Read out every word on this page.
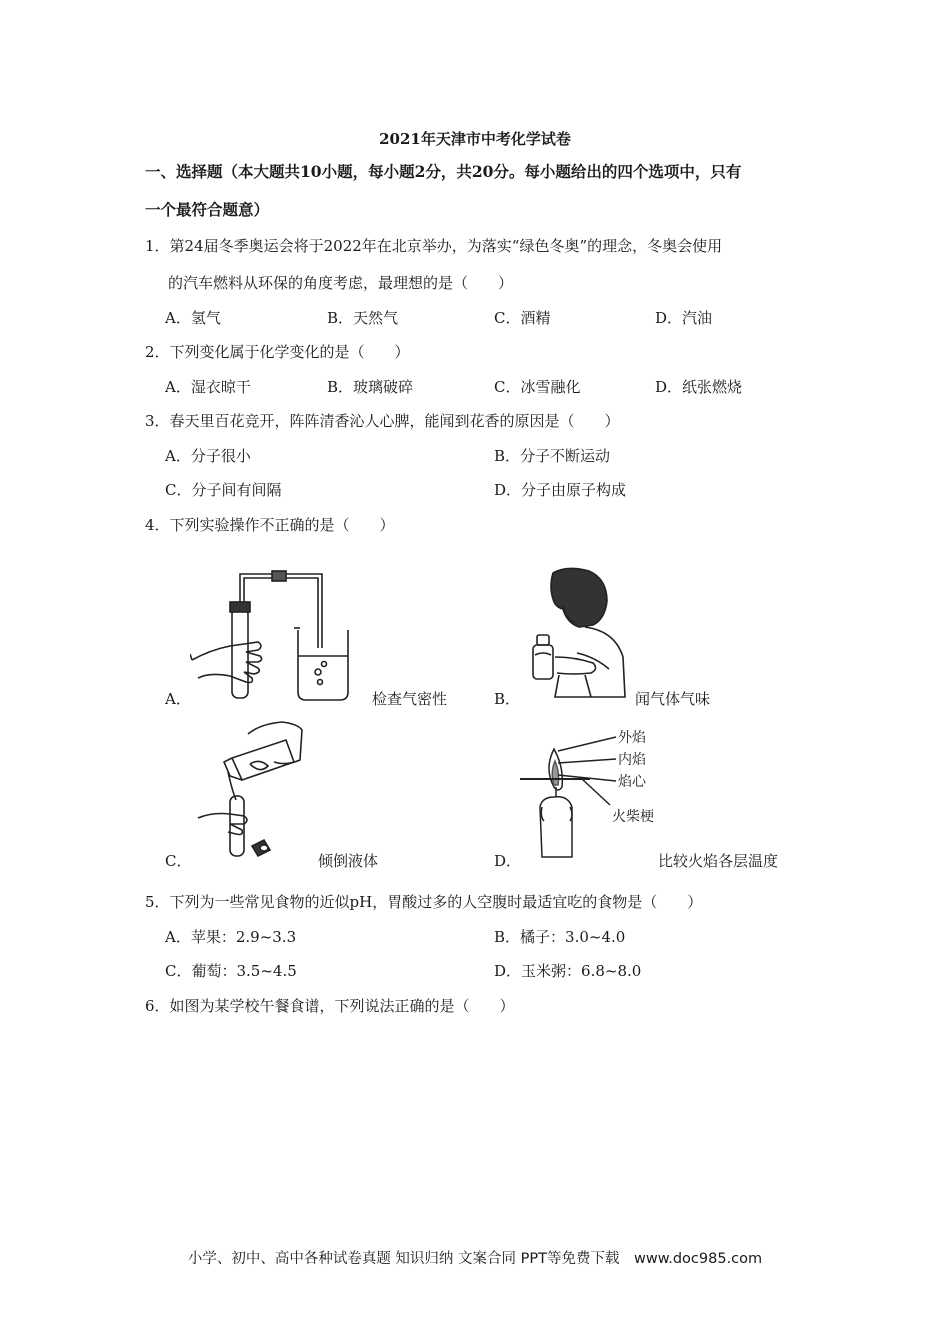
2021年天津市中考化学试卷
一、选择题（本大题共10小题，每小题2分，共20分。每小题给出的四个选项中，只有
一个最符合题意）
1．第24届冬季奥运会将于2022年在北京举办，为落实“绿色冬奥”的理念，冬奥会使用
的汽车燃料从环保的角度考虑，最理想的是（　　）
A．氢气	B．天然气	C．酒精	D．汽油
2．下列变化属于化学变化的是（　　）
A．湿衣晾干	B．玻璃破碎	C．冰雪融化	D．纸张燃烧
3．春天里百花竞开，阵阵清香沁人心脾，能闻到花香的原因是（　　）
A．分子很小	B．分子不断运动
C．分子间有间隔	D．分子由原子构成
4．下列实验操作不正确的是（　　）
A．	检查气密性	B．	闻气体气味
C．	倾倒液体
外焰
内焰
焰心
火柴梗
D．	比较火焰各层温度
5．下列为一些常见食物的近似pH，胃酸过多的人空腹时最适宜吃的食物是（　　）
A．苹果：2.9~3.3	B．橘子：3.0~4.0
C．葡萄：3.5~4.5	D．玉米粥：6.8~8.0
6．如图为某学校午餐食谱，下列说法正确的是（　　）
小学、初中、高中各种试卷真题 知识归纳 文案合同 PPT等免费下载　www.doc985.com
